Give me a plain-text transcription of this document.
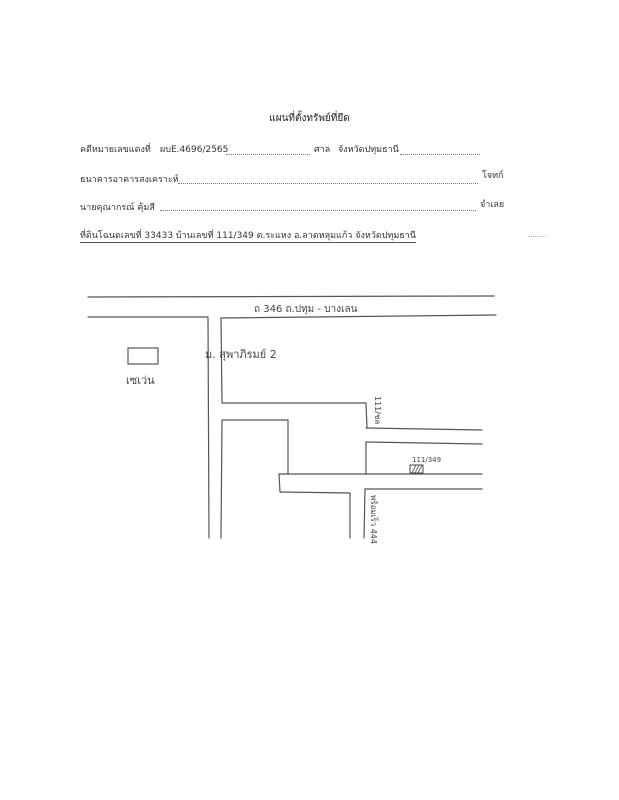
แผนที่ตั้งทรัพย์ที่ยึด
คดีหมายเลขแดงที่ ผบE.4696/2565	ศาล จังหวัดปทุมธานี
ธนาคารอาคารสงเคราะห์	โจทก์
นายคุณากรณ์ คุ้มสี	จำเลย
ที่ดินโฉนดเลขที่ 33433 บ้านเลขที่ 111/349 ต.ระแหง อ.ลาดหลุมแก้ว จังหวัดปทุมธานี
ถ 346 ถ.ปทุม - บางเลน
ม. สุพาภิรมย์ 2
เซเว่น
111/349
111/ชล
พร้อมเร็ว 444
